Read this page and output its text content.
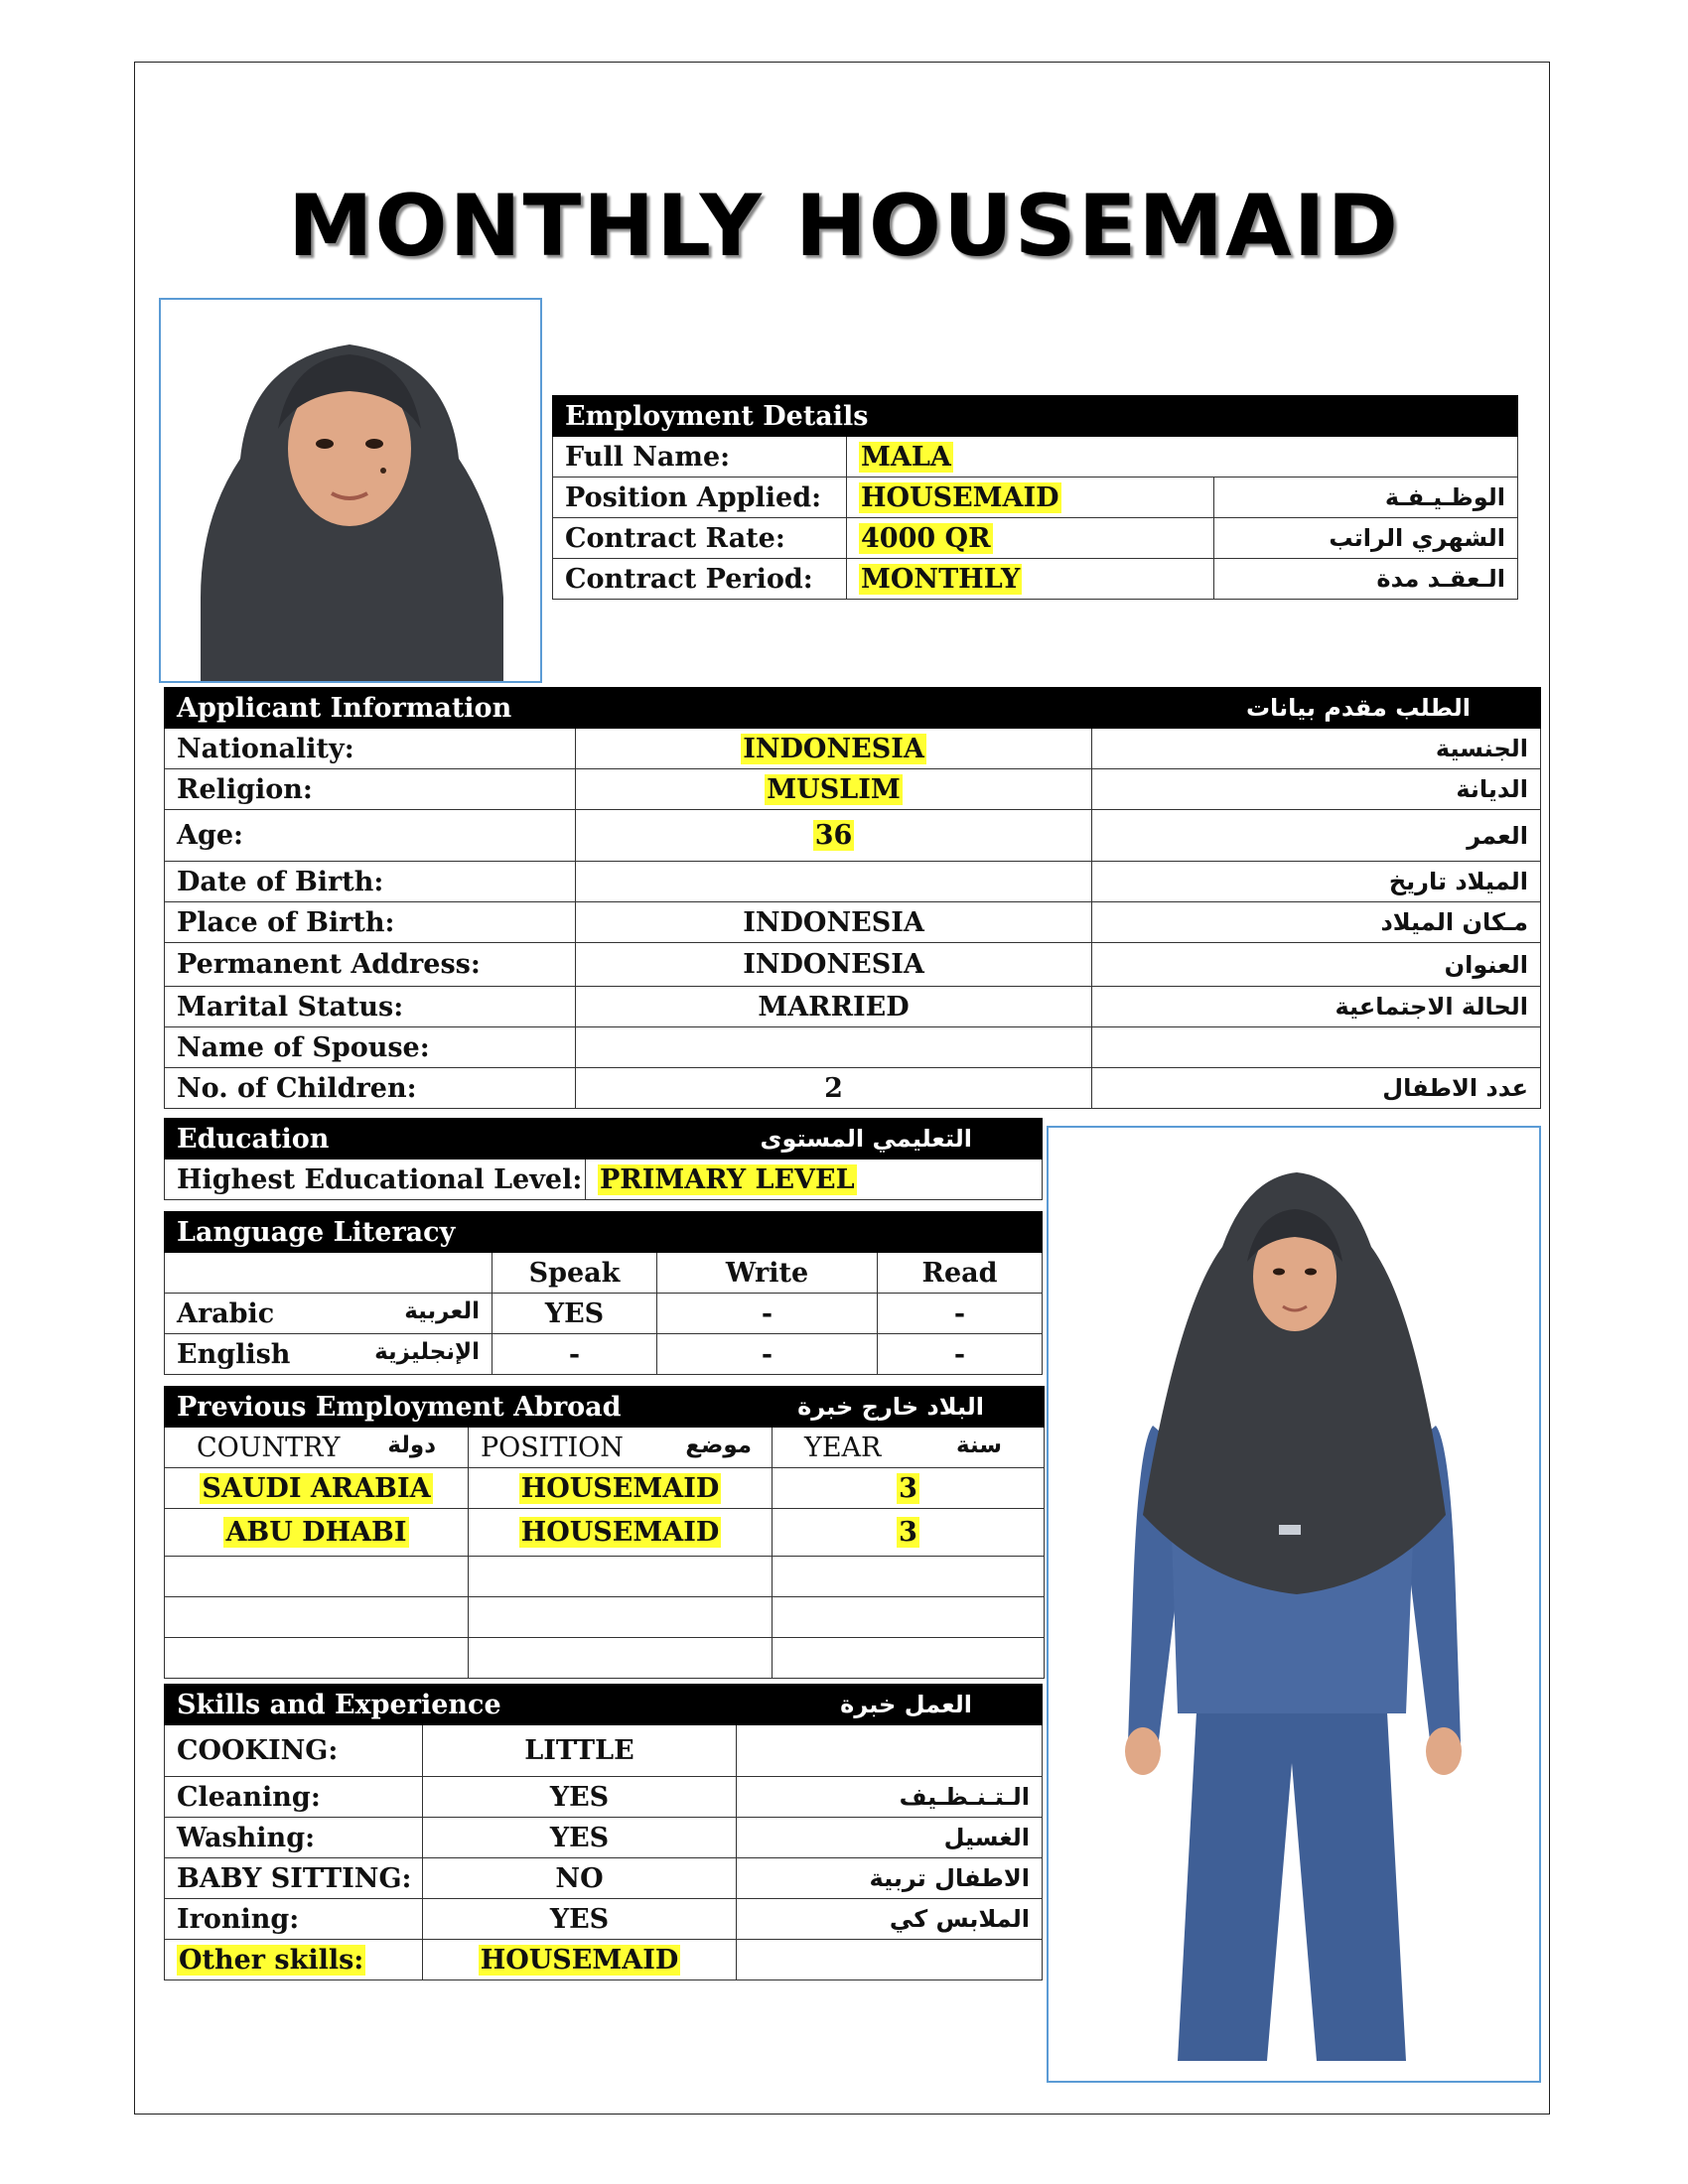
MONTHLY HOUSEMAID
Employment Details		
Full Name:	MALA	
Position Applied:	HOUSEMAID	الوظـيـفـة
Contract Rate:	4000 QR	الشهري الراتب
Contract Period:	MONTHLY	الـعقـد مدة
Applicant Information		الطلب مقدم بيانات
Nationality:	INDONESIA	الجنسية
Religion:	MUSLIM	الديانة
Age:	36	العمر
Date of Birth:		الميلاد تاريخ
Place of Birth:	INDONESIA	مـكان الميلاد
Permanent Address:	INDONESIA	العنوان
Marital Status:	MARRIED	الحالة الاجتماعية
Name of Spouse:		
No. of Children:	2	عدد الاطفال
Education	التعليمي المستوى
Highest Educational Level:	PRIMARY LEVEL
Language Literacy			
	Speak	Write	Read
Arabic العربية	YES	-	-
English الإنجليزية	-	-	-
Previous Employment Abroad		البلاد خارج خبرة
COUNTRY دولة	POSITION موضع	YEAR سنة

SAUDI ARABIA	HOUSEMAID	3
ABU DHABI	HOUSEMAID	3

Skills and Experience		العمل خبرة
COOKING:	LITTLE	
Cleaning:	YES	الـتـنـظـيف
Washing:	YES	الغسيل
BABY SITTING:	NO	الاطفال تربية
Ironing:	YES	الملابس كي
Other skills:	HOUSEMAID	
